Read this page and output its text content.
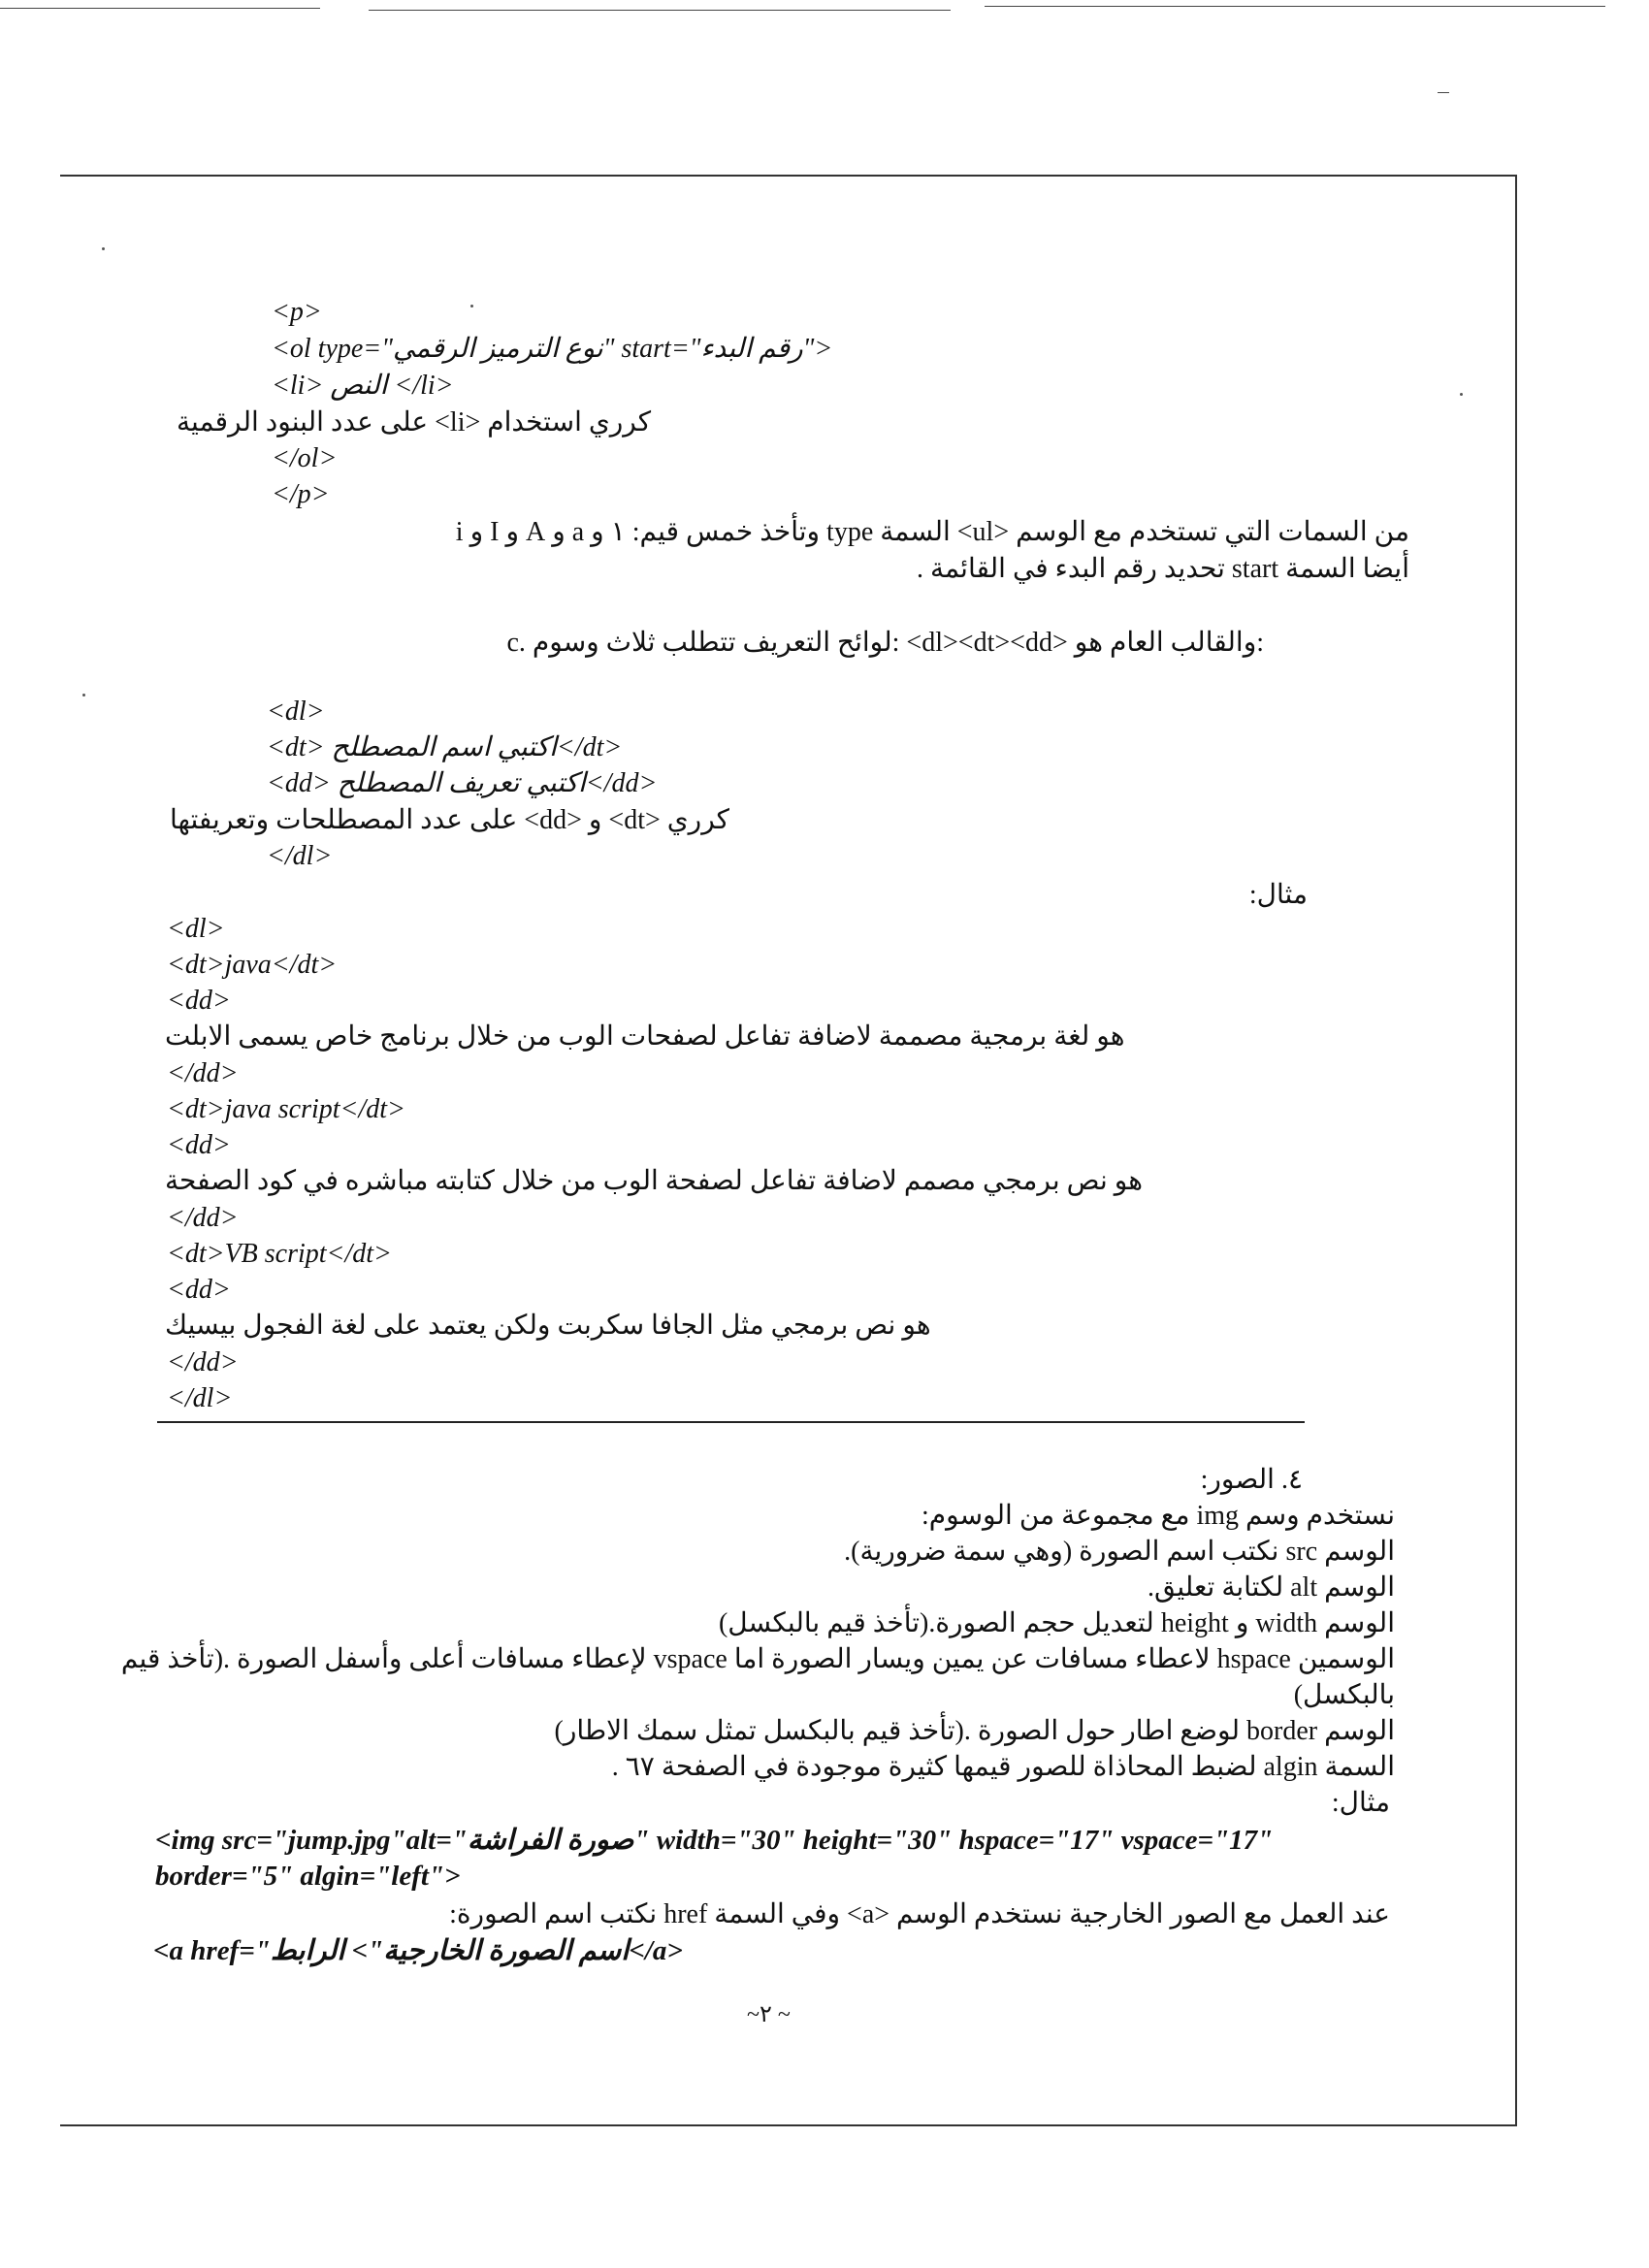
<p>
<ol type="نوع الترميز الرقمي" start="رقم البدء">
<li> النص </li>
كرري استخدام <li> على عدد البنود الرقمية
</ol>
</p>
من السمات التي تستخدم مع الوسم <ul> السمة type وتأخذ خمس قيم: ١ و a و A و I و i
أيضا السمة start تحديد رقم البدء في القائمة .
c. لوائح التعريف تتطلب ثلاث وسوم: <dl><dt><dd> والقالب العام هو:
<dl>
<dt> اكتبي اسم المصطلح</dt>
<dd> اكتبي تعريف المصطلح</dd>
كرري <dt> و <dd> على عدد المصطلحات وتعريفتها
</dl>
مثال:
<dl>
<dt>java</dt>
<dd>
هو لغة برمجية مصممة لاضافة تفاعل لصفحات الوب من خلال برنامج خاص يسمى الابلت
</dd>
<dt>java script</dt>
<dd>
هو نص برمجي مصمم لاضافة تفاعل لصفحة الوب من خلال كتابته مباشره في كود الصفحة
</dd>
<dt>VB script</dt>
<dd>
هو نص برمجي مثل الجافا سكربت ولكن يعتمد على لغة الفجول بيسيك
</dd>
</dl>
٤. الصور:
نستخدم وسم img مع مجموعة من الوسوم:
الوسم src نكتب اسم الصورة (وهي سمة ضرورية).
الوسم alt لكتابة تعليق.
الوسم width و height لتعديل حجم الصورة.(تأخذ قيم بالبكسل)
الوسمين hspace لاعطاء مسافات عن يمين ويسار الصورة اما vspace لإعطاء مسافات أعلى وأسفل الصورة .(تأخذ قيم
بالبكسل)
الوسم border لوضع اطار حول الصورة .(تأخذ قيم بالبكسل تمثل سمك الاطار)
السمة algin لضبط المحاذاة للصور قيمها كثيرة موجودة في الصفحة ٦٧ .
مثال:
<img src="jump.jpg"alt="صورة الفراشة" width="30" height="30" hspace="17" vspace="17"
border="5" algin="left">
عند العمل مع الصور الخارجية نستخدم الوسم <a> وفي السمة href نكتب اسم الصورة:
<a href="اسم الصورة الخارجية"> الرابط</a>
~ ٢~
